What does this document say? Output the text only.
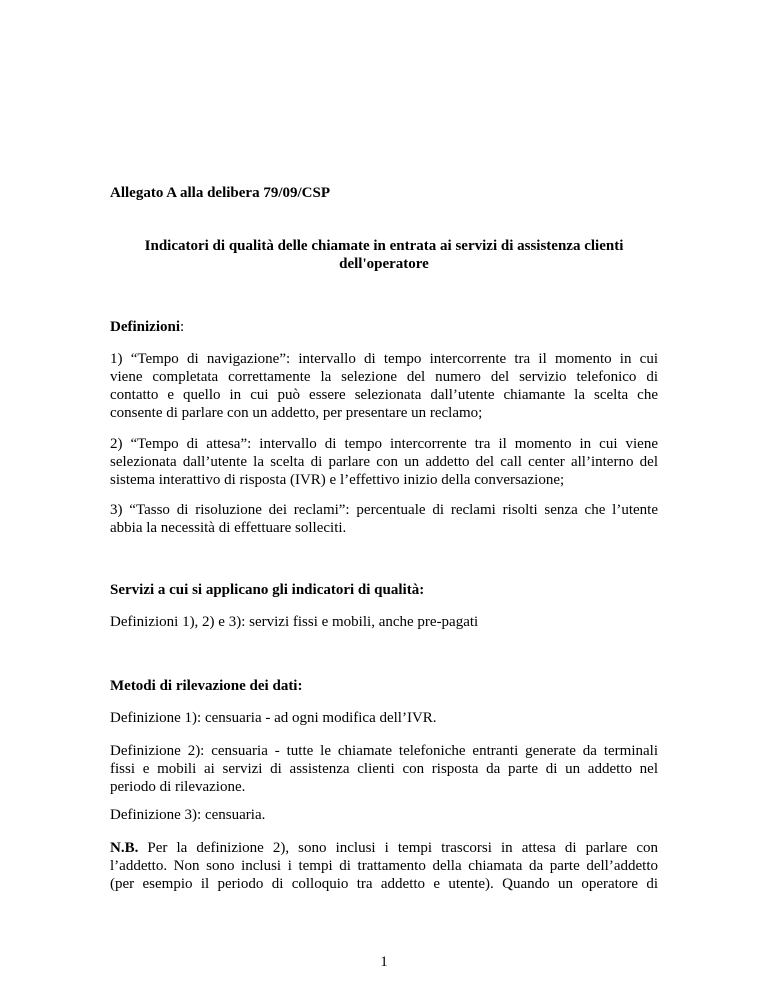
Allegato A alla delibera 79/09/CSP
Indicatori di qualità delle chiamate in entrata ai servizi di assistenza clienti
dell'operatore
Definizioni:
1) “Tempo di navigazione”: intervallo di tempo intercorrente tra il momento in cui
viene completata correttamente la selezione del numero del servizio telefonico di
contatto e quello in cui può essere selezionata dall’utente chiamante la scelta che
consente di parlare con un addetto, per presentare un reclamo;
2) “Tempo di attesa”: intervallo di tempo intercorrente tra il momento in cui viene
selezionata dall’utente la scelta di parlare con un addetto del call center all’interno del
sistema interattivo di risposta (IVR) e l’effettivo inizio della conversazione;
3) “Tasso di risoluzione dei reclami”: percentuale di reclami risolti senza che l’utente
abbia la necessità di effettuare solleciti.
Servizi a cui si applicano gli indicatori di qualità:
Definizioni 1), 2) e 3): servizi fissi e mobili, anche pre-pagati
Metodi di rilevazione dei dati:
Definizione 1): censuaria - ad ogni modifica dell’IVR.
Definizione 2): censuaria - tutte le chiamate telefoniche entranti generate da terminali
fissi e mobili ai servizi di assistenza clienti con risposta da parte di un addetto nel
periodo di rilevazione.
Definizione 3): censuaria.
N.B. Per la definizione 2), sono inclusi i tempi trascorsi in attesa di parlare con
l’addetto. Non sono inclusi i tempi di trattamento della chiamata da parte dell’addetto
(per esempio il periodo di colloquio tra addetto e utente). Quando un operatore di
1
